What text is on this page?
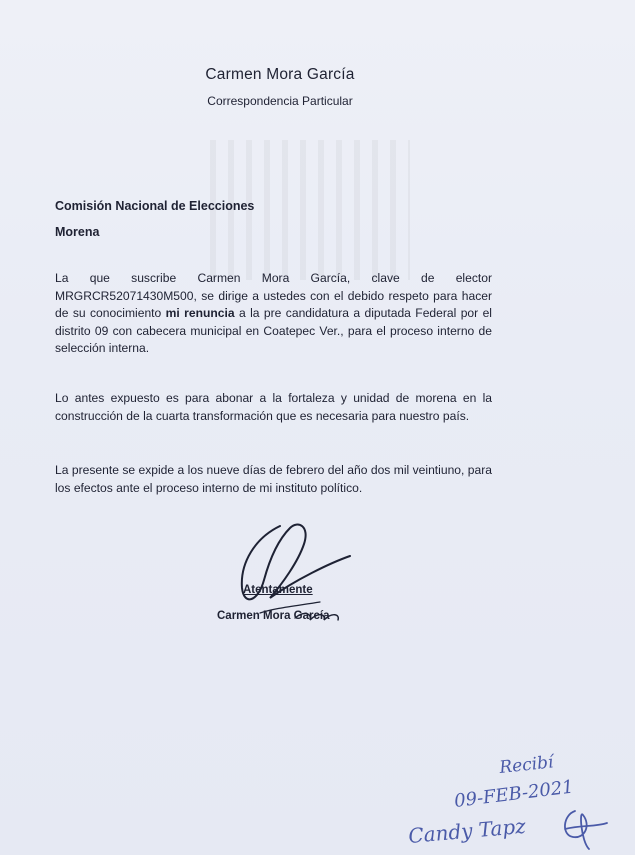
Carmen Mora García
Correspondencia Particular
Comisión Nacional de Elecciones
Morena
La que suscribe Carmen Mora García, clave de elector
MRGRCR52071430M500, se dirige a ustedes con el debido respeto para hacer
de su conocimiento mi renuncia a la pre candidatura a diputada Federal por el
distrito 09 con cabecera municipal en Coatepec Ver., para el proceso interno de
selección interna.
Lo antes expuesto es para abonar a la fortaleza y unidad de morena en la construcción de la cuarta transformación que es necesaria para nuestro país.
La presente se expide a los nueve días de febrero del año dos mil veintiuno, para los efectos ante el proceso interno de mi instituto político.
Atentamente
Carmen Mora García
Recibí
09-FEB-2021
Candy Tapz
